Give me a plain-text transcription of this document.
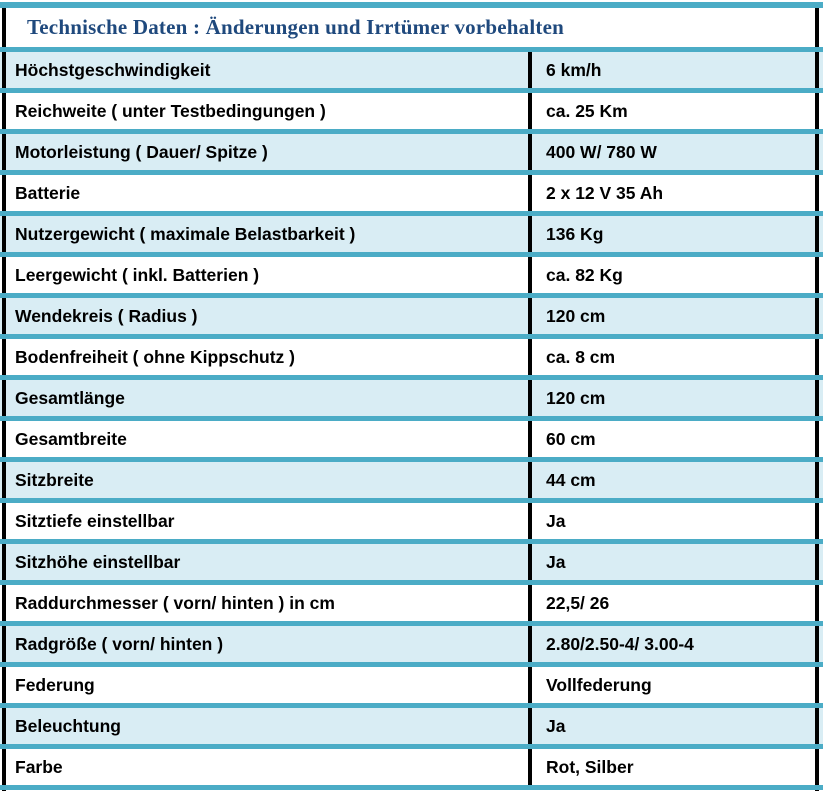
Technische Daten : Änderungen und Irrtümer vorbehalten
Höchstgeschwindigkeit	6 km/h
Reichweite ( unter Testbedingungen )	ca. 25 Km
Motorleistung ( Dauer/ Spitze )	400 W/ 780 W
Batterie	2 x 12 V 35 Ah
Nutzergewicht ( maximale Belastbarkeit )	136 Kg
Leergewicht ( inkl. Batterien )	ca. 82 Kg
Wendekreis ( Radius )	120 cm
Bodenfreiheit ( ohne Kippschutz )	ca. 8 cm
Gesamtlänge	120 cm
Gesamtbreite	60 cm
Sitzbreite	44 cm
Sitztiefe einstellbar	Ja
Sitzhöhe einstellbar	Ja
Raddurchmesser ( vorn/ hinten ) in cm	22,5/ 26
Radgröße ( vorn/ hinten )	2.80/2.50-4/ 3.00-4
Federung	Vollfederung
Beleuchtung	Ja
Farbe	Rot, Silber
